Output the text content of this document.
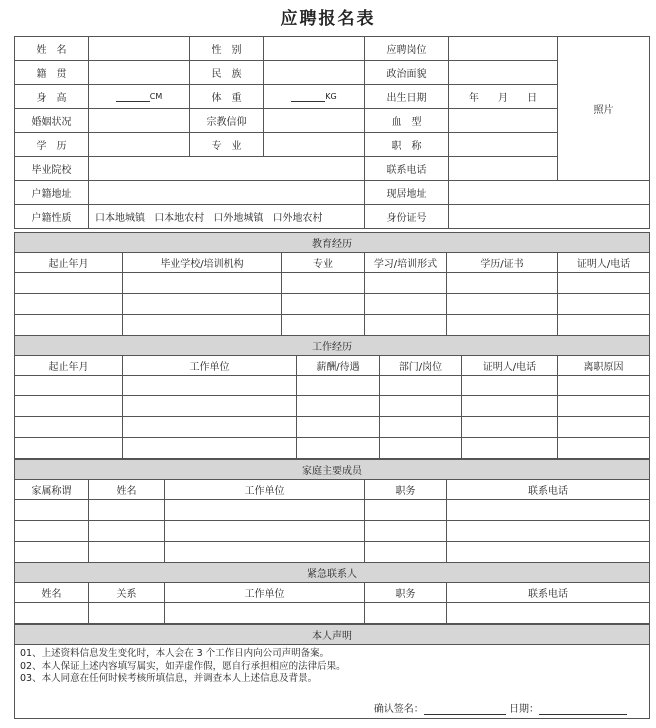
应聘报名表
姓　名		性　别		应聘岗位		照片
籍　贯		民　族		政治面貌		
身　高	CM	体　重	KG	出生日期	年 月 日	
婚姻状况		宗教信仰		血　型		
学　历		专　业		职　称		
毕业院校				联系电话		
户籍地址				现居地址		
户籍性质	口本地城镇 口本地农村 口外地城镇 口外地农村			身份证号		
教育经历					
起止年月	毕业学校/培训机构	专业	学习/培训形式	学历/证书	证明人/电话

工作经历					
起止年月	工作单位	薪酬/待遇	部门/岗位	证明人/电话	离职原因

家庭主要成员				
家属称谓	姓名	工作单位	职务	联系电话

紧急联系人				
姓名	关系	工作单位	职务	联系电话

本人声明

01、上述资料信息发生变化时，本人会在 3 个工作日内向公司声明备案。
02、本人保证上述内容填写属实，如弄虚作假，愿自行承担相应的法律后果。
03、本人同意在任何时候考核所填信息，并调查本人上述信息及背景。
确认签名：	日期：
